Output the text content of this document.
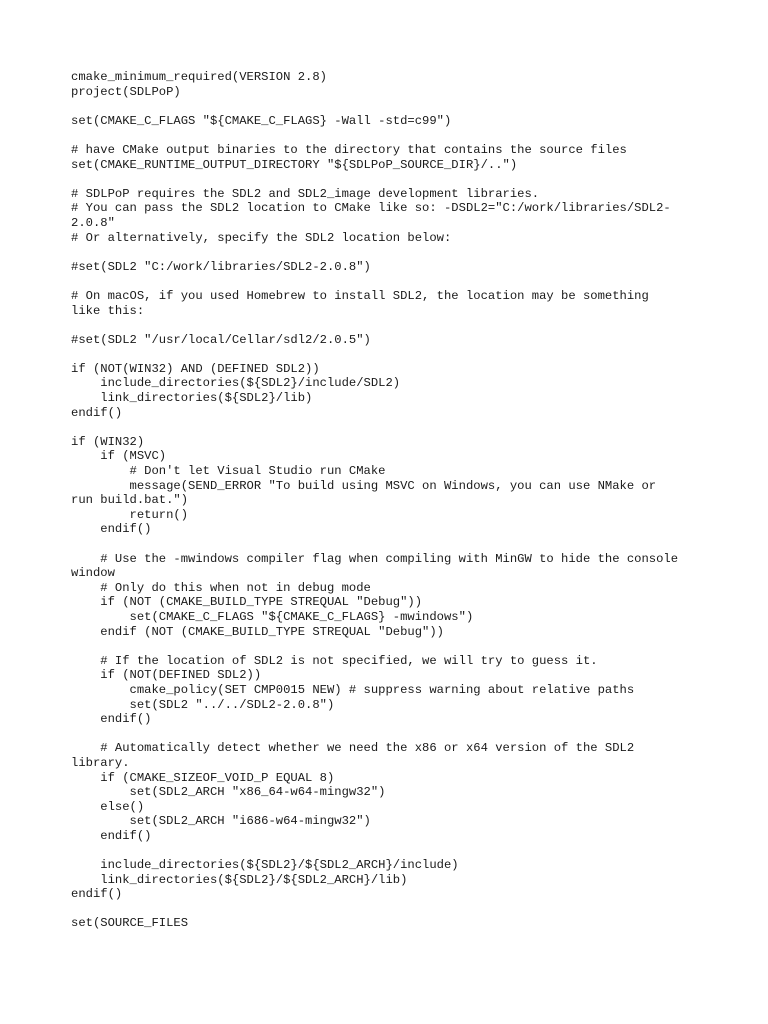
cmake_minimum_required(VERSION 2.8)
project(SDLPoP)
set(CMAKE_C_FLAGS "${CMAKE_C_FLAGS} -Wall -std=c99")
# have CMake output binaries to the directory that contains the source files
set(CMAKE_RUNTIME_OUTPUT_DIRECTORY "${SDLPoP_SOURCE_DIR}/..")
# SDLPoP requires the SDL2 and SDL2_image development libraries.
# You can pass the SDL2 location to CMake like so: -DSDL2="C:/work/libraries/SDL2-
2.0.8"
# Or alternatively, specify the SDL2 location below:
#set(SDL2 "C:/work/libraries/SDL2-2.0.8")
# On macOS, if you used Homebrew to install SDL2, the location may be something
like this:
#set(SDL2 "/usr/local/Cellar/sdl2/2.0.5")
if (NOT(WIN32) AND (DEFINED SDL2))
include_directories(${SDL2}/include/SDL2)
link_directories(${SDL2}/lib)
endif()
if (WIN32)
if (MSVC)
# Don't let Visual Studio run CMake
message(SEND_ERROR "To build using MSVC on Windows, you can use NMake or
run build.bat.")
return()
endif()
# Use the -mwindows compiler flag when compiling with MinGW to hide the console
window
# Only do this when not in debug mode
if (NOT (CMAKE_BUILD_TYPE STREQUAL "Debug"))
set(CMAKE_C_FLAGS "${CMAKE_C_FLAGS} -mwindows")
endif (NOT (CMAKE_BUILD_TYPE STREQUAL "Debug"))
# If the location of SDL2 is not specified, we will try to guess it.
if (NOT(DEFINED SDL2))
cmake_policy(SET CMP0015 NEW) # suppress warning about relative paths
set(SDL2 "../../SDL2-2.0.8")
endif()
# Automatically detect whether we need the x86 or x64 version of the SDL2
library.
if (CMAKE_SIZEOF_VOID_P EQUAL 8)
set(SDL2_ARCH "x86_64-w64-mingw32")
else()
set(SDL2_ARCH "i686-w64-mingw32")
endif()
include_directories(${SDL2}/${SDL2_ARCH}/include)
link_directories(${SDL2}/${SDL2_ARCH}/lib)
endif()
set(SOURCE_FILES
